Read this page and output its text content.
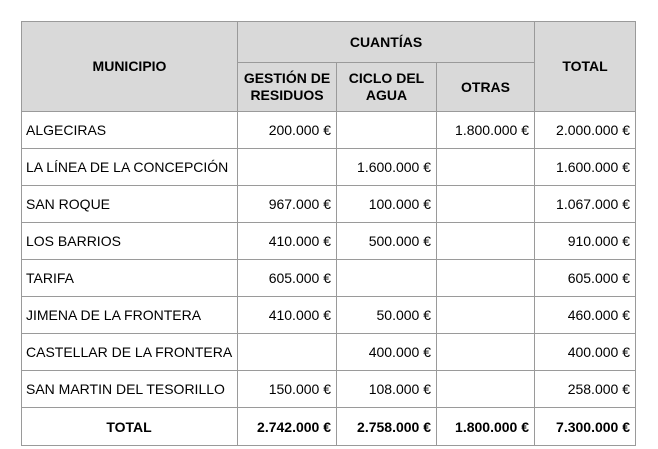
MUNICIPIO	CUANTÍAS			TOTAL
	GESTIÓN DE RESIDUOS	CICLO DEL AGUA	OTRAS	
ALGECIRAS	200.000 €		1.800.000 €	2.000.000 €
LA LÍNEA DE LA CONCEPCIÓN		1.600.000 €		1.600.000 €
SAN ROQUE	967.000 €	100.000 €		1.067.000 €
LOS BARRIOS	410.000 €	500.000 €		910.000 €
TARIFA	605.000 €			605.000 €
JIMENA DE LA FRONTERA	410.000 €	50.000 €		460.000 €
CASTELLAR DE LA FRONTERA		400.000 €		400.000 €
SAN MARTIN DEL TESORILLO	150.000 €	108.000 €		258.000 €
TOTAL	2.742.000 €	2.758.000 €	1.800.000 €	7.300.000 €
